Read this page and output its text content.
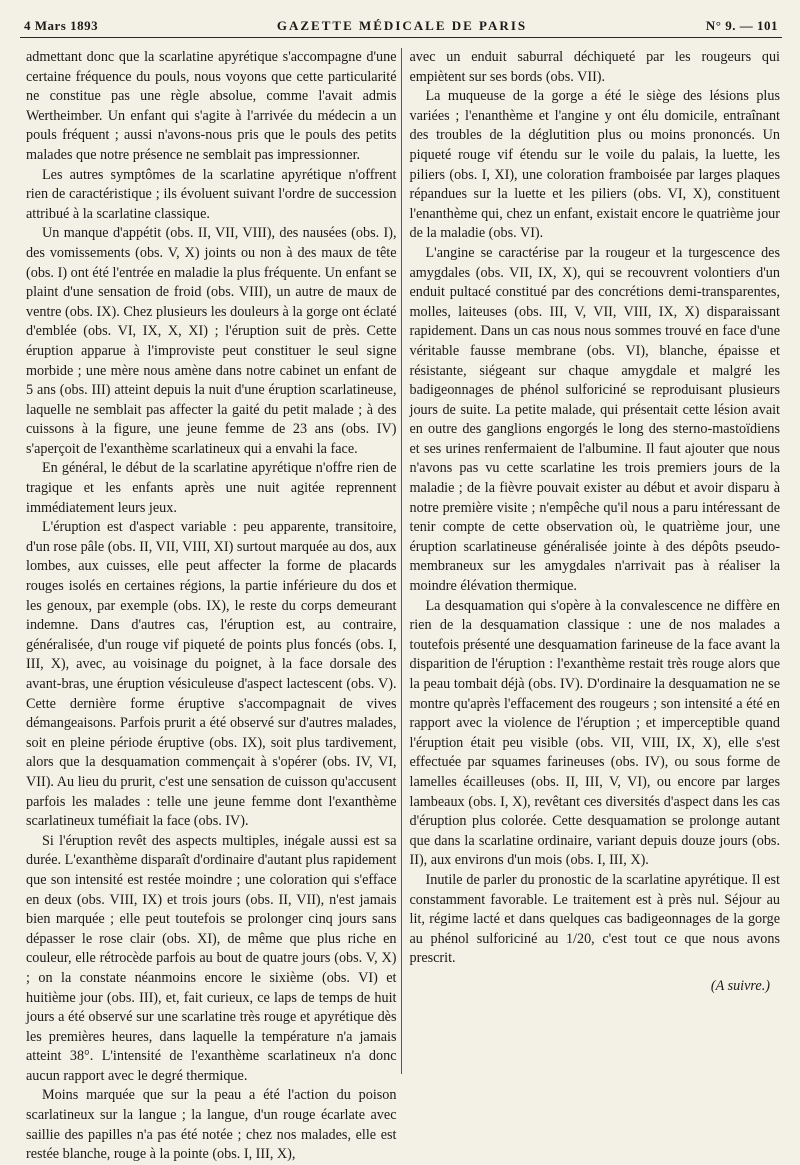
4 Mars 1893	GAZETTE MÉDICALE DE PARIS	N° 9. — 101

admettant donc que la scarlatine apyrétique s'accompagne d'une certaine fréquence du pouls, nous voyons que cette particularité ne constitue pas une règle absolue, comme l'avait admis Wertheimber. Un enfant qui s'agite à l'arrivée du médecin a un pouls fréquent ; aussi n'avons-nous pris que le pouls des petits malades que notre présence ne semblait pas impressionner.

Les autres symptômes de la scarlatine apyrétique n'offrent rien de caractéristique ; ils évoluent suivant l'ordre de succession attribué à la scarlatine classique.

Un manque d'appétit (obs. II, VII, VIII), des nausées (obs. I), des vomissements (obs. V, X) joints ou non à des maux de tête (obs. I) ont été l'entrée en maladie la plus fréquente. Un enfant se plaint d'une sensation de froid (obs. VIII), un autre de maux de ventre (obs. IX). Chez plusieurs les douleurs à la gorge ont éclaté d'emblée (obs. VI, IX, X, XI) ; l'éruption suit de près. Cette éruption apparue à l'improviste peut constituer le seul signe morbide ; une mère nous amène dans notre cabinet un enfant de 5 ans (obs. III) atteint depuis la nuit d'une éruption scarlatineuse, laquelle ne semblait pas affecter la gaité du petit malade ; à des cuissons à la figure, une jeune femme de 23 ans (obs. IV) s'aperçoit de l'exanthème scarlatineux qui a envahi la face.

En général, le début de la scarlatine apyrétique n'offre rien de tragique et les enfants après une nuit agitée reprennent immédiatement leurs jeux.

L'éruption est d'aspect variable : peu apparente, transitoire, d'un rose pâle (obs. II, VII, VIII, XI) surtout marquée au dos, aux lombes, aux cuisses, elle peut affecter la forme de placards rouges isolés en certaines régions, la partie inférieure du dos et les genoux, par exemple (obs. IX), le reste du corps demeurant indemne. Dans d'autres cas, l'éruption est, au contraire, généralisée, d'un rouge vif piqueté de points plus foncés (obs. I, III, X), avec, au voisinage du poignet, à la face dorsale des avant-bras, une éruption vésiculeuse d'aspect lactescent (obs. V). Cette dernière forme éruptive s'accompagnait de vives démangeaisons. Parfois prurit a été observé sur d'autres malades, soit en pleine période éruptive (obs. IX), soit plus tardivement, alors que la desquamation commençait à s'opérer (obs. IV, VI, VII). Au lieu du prurit, c'est une sensation de cuisson qu'accusent parfois les malades : telle une jeune femme dont l'exanthème scarlatineux tuméfiait la face (obs. IV).

Si l'éruption revêt des aspects multiples, inégale aussi est sa durée. L'exanthème disparaît d'ordinaire d'autant plus rapidement que son intensité est restée moindre ; une coloration qui s'efface en deux (obs. VIII, IX) et trois jours (obs. II, VII), n'est jamais bien marquée ; elle peut toutefois se prolonger cinq jours sans dépasser le rose clair (obs. XI), de même que plus riche en couleur, elle rétrocède parfois au bout de quatre jours (obs. V, X) ; on la constate néanmoins encore le sixième (obs. VI) et huitième jour (obs. III), et, fait curieux, ce laps de temps de huit jours a été observé sur une scarlatine très rouge et apyrétique dès les premières heures, dans laquelle la température n'a jamais atteint 38°. L'intensité de l'exanthème scarlatineux n'a donc aucun rapport avec le degré thermique.

Moins marquée que sur la peau a été l'action du poison scarlatineux sur la langue ; la langue, d'un rouge écarlate avec saillie des papilles n'a pas été notée ; chez nos malades, elle est restée blanche, rouge à la pointe (obs. I, III, X),

avec un enduit saburral déchiqueté par les rougeurs qui empiètent sur ses bords (obs. VII).

La muqueuse de la gorge a été le siège des lésions plus variées ; l'enanthème et l'angine y ont élu domicile, entraînant des troubles de la déglutition plus ou moins prononcés. Un piqueté rouge vif étendu sur le voile du palais, la luette, les piliers (obs. I, XI), une coloration framboisée par larges plaques répandues sur la luette et les piliers (obs. VI, X), constituent l'enanthème qui, chez un enfant, existait encore le quatrième jour de la maladie (obs. VI).

L'angine se caractérise par la rougeur et la turgescence des amygdales (obs. VII, IX, X), qui se recouvrent volontiers d'un enduit pultacé constitué par des concrétions demi-transparentes, molles, laiteuses (obs. III, V, VII, VIII, IX, X) disparaissant rapidement. Dans un cas nous nous sommes trouvé en face d'une véritable fausse membrane (obs. VI), blanche, épaisse et résistante, siégeant sur chaque amygdale et malgré les badigeonnages de phénol sulforiciné se reproduisant plusieurs jours de suite. La petite malade, qui présentait cette lésion avait en outre des ganglions engorgés le long des sterno-mastoïdiens et ses urines renfermaient de l'albumine. Il faut ajouter que nous n'avons pas vu cette scarlatine les trois premiers jours de la maladie ; de la fièvre pouvait exister au début et avoir disparu à notre première visite ; n'empêche qu'il nous a paru intéressant de tenir compte de cette observation où, le quatrième jour, une éruption scarlatineuse généralisée jointe à des dépôts pseudo-membraneux sur les amygdales n'arrivait pas à réaliser la moindre élévation thermique.

La desquamation qui s'opère à la convalescence ne diffère en rien de la desquamation classique : une de nos malades a toutefois présenté une desquamation farineuse de la face avant la disparition de l'éruption : l'exanthème restait très rouge alors que la peau tombait déjà (obs. IV). D'ordinaire la desquamation ne se montre qu'après l'effacement des rougeurs ; son intensité a été en rapport avec la violence de l'éruption ; et imperceptible quand l'éruption était peu visible (obs. VII, VIII, IX, X), elle s'est effectuée par squames farineuses (obs. IV), ou sous forme de lamelles écailleuses (obs. II, III, V, VI), ou encore par larges lambeaux (obs. I, X), revêtant ces diversités d'aspect dans les cas d'éruption plus colorée. Cette desquamation se prolonge autant que dans la scarlatine ordinaire, variant depuis douze jours (obs. II), aux environs d'un mois (obs. I, III, X).

Inutile de parler du pronostic de la scarlatine apyrétique. Il est constamment favorable. Le traitement est à près nul. Séjour au lit, régime lacté et dans quelques cas badigeonnages de la gorge au phénol sulforiciné au 1/20, c'est tout ce que nous avons prescrit.

(A suivre.)
